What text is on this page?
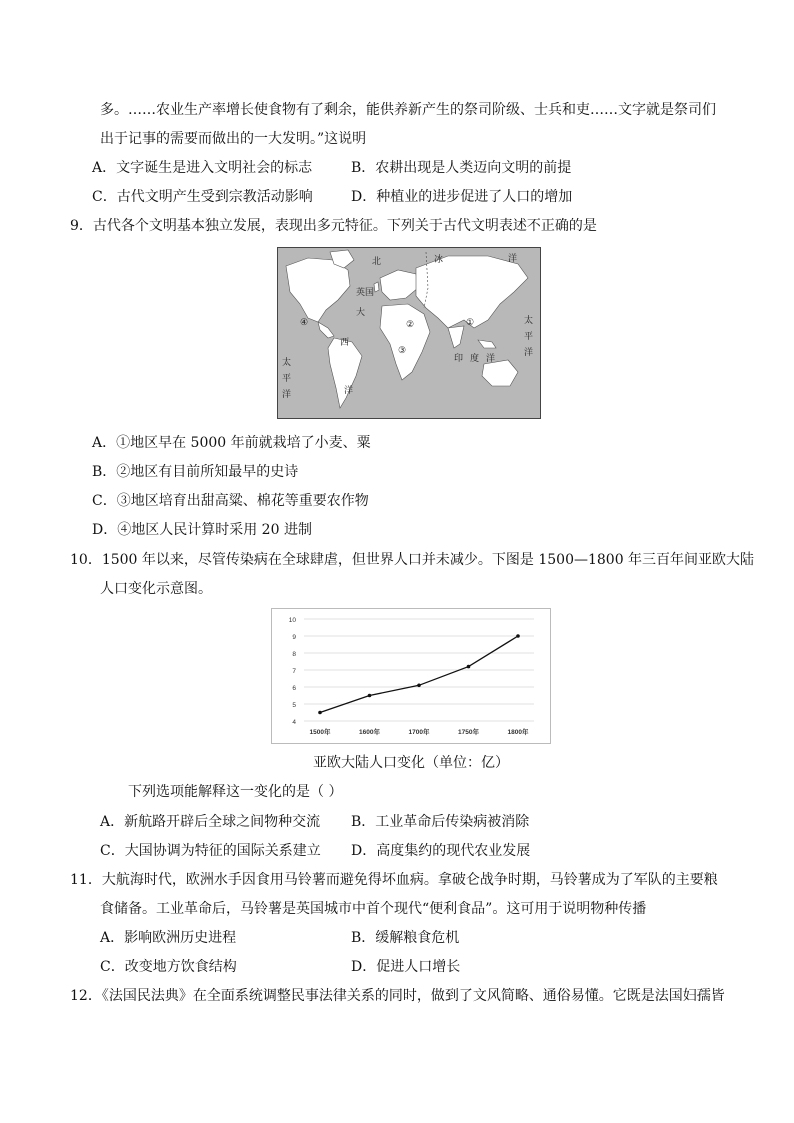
多。……农业生产率增长使食物有了剩余，能供养新产生的祭司阶级、士兵和吏……文字就是祭司们
出于记事的需要而做出的一大发明。”这说明
A．文字诞生是进入文明社会的标志	B．农耕出现是人类迈向文明的前提
C．古代文明产生受到宗教活动影响	D．种植业的进步促进了人口的增加
9．古代各个文明基本独立发展，表现出多元特征。下列关于古代文明表述不正确的是
北	冰	洋
英国
大
西
洋
太
平
洋
太
平
洋
印 度 洋
①
②
③
④
A．①地区早在 5000 年前就栽培了小麦、粟
B．②地区有目前所知最早的史诗
C．③地区培育出甜高粱、棉花等重要农作物
D．④地区人民计算时采用 20 进制
10．1500 年以来，尽管传染病在全球肆虐，但世界人口并未减少。下图是 1500—1800 年三百年间亚欧大陆
人口变化示意图。
4
5
6
7
8
9
10
1500年	1600年	1700年	1750年	1800年
亚欧大陆人口变化（单位：亿）
下列选项能解释这一变化的是（ ）
A．新航路开辟后全球之间物种交流 B．工业革命后传染病被消除
C．大国协调为特征的国际关系建立 D．高度集约的现代农业发展
11．大航海时代，欧洲水手因食用马铃薯而避免得坏血病。拿破仑战争时期，马铃薯成为了军队的主要粮
食储备。工业革命后，马铃薯是英国城市中首个现代“便利食品”。这可用于说明物种传播
A．影响欧洲历史进程	B．缓解粮食危机
C．改变地方饮食结构	D．促进人口增长
12．《法国民法典》在全面系统调整民事法律关系的同时，做到了文风简略、通俗易懂。它既是法国妇孺皆
